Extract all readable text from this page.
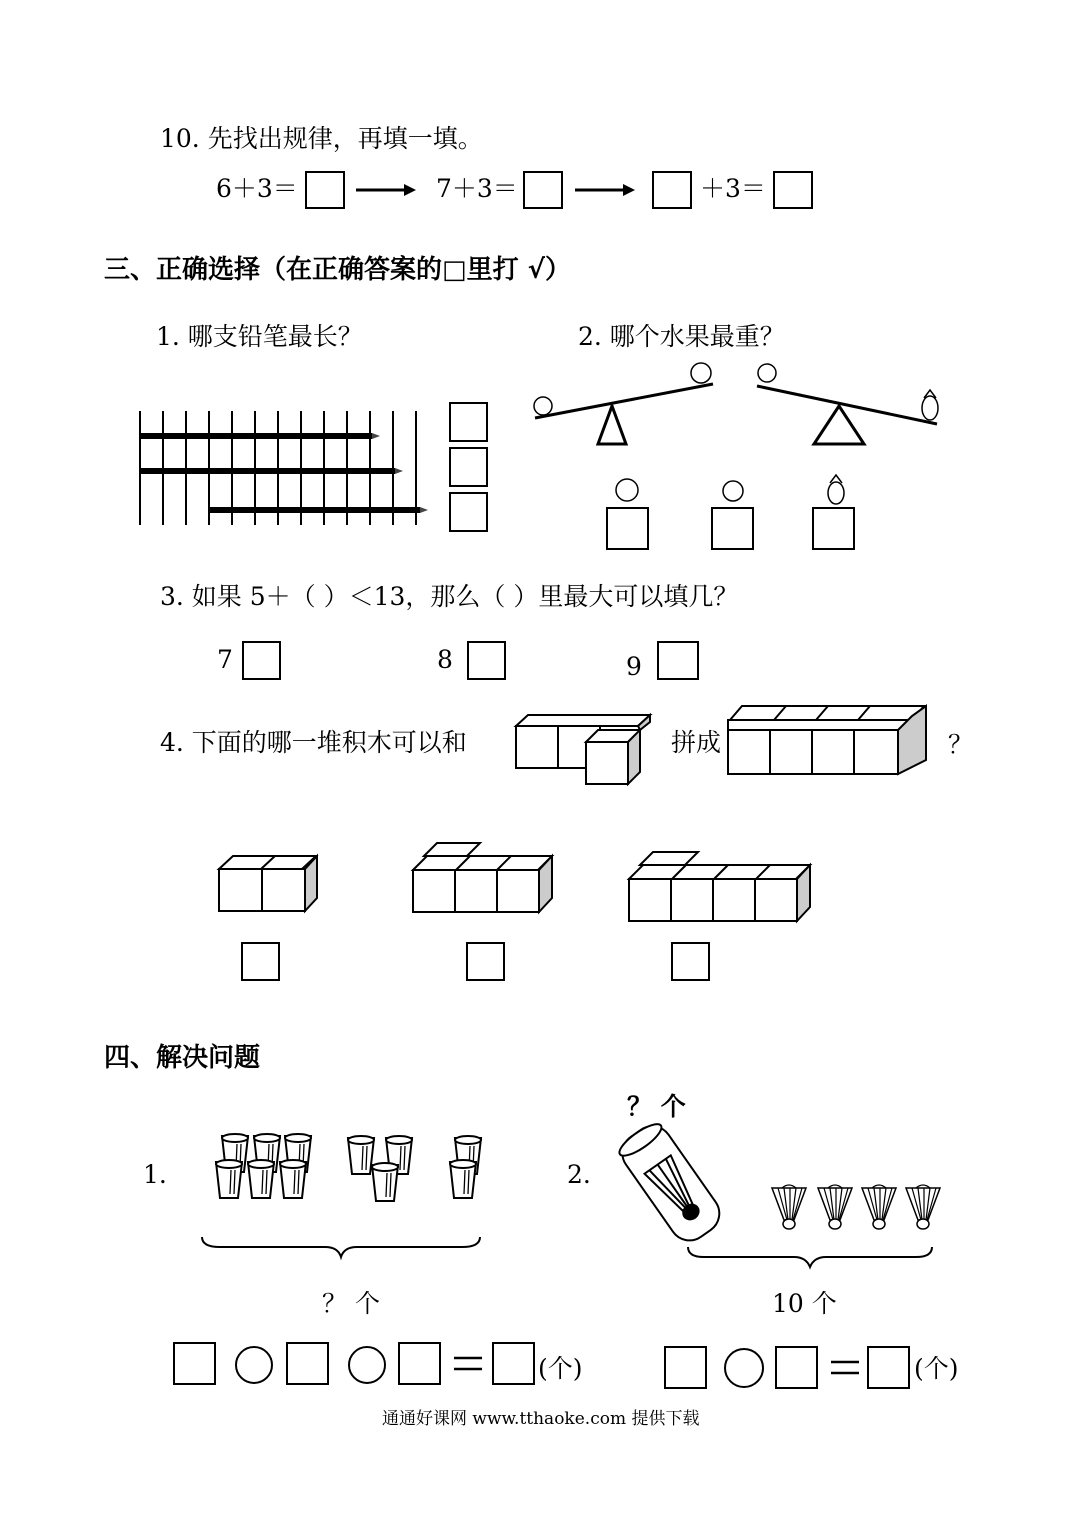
10. 先找出规律，再填一填。
6＋3＝	7＋3＝	＋3＝
三、正确选择（在正确答案的□里打 √）
1. 哪支铅笔最长？	2. 哪个水果最重？
3. 如果 5＋（ ）＜13，那么（ ）里最大可以填几？
7	8	9
4. 下面的哪一堆积木可以和	拼成	？
四、解决问题
1.
？ 个
(个)
2.
？ 个
10 个
(个)
通通好课网 www.tthaoke.com 提供下载
